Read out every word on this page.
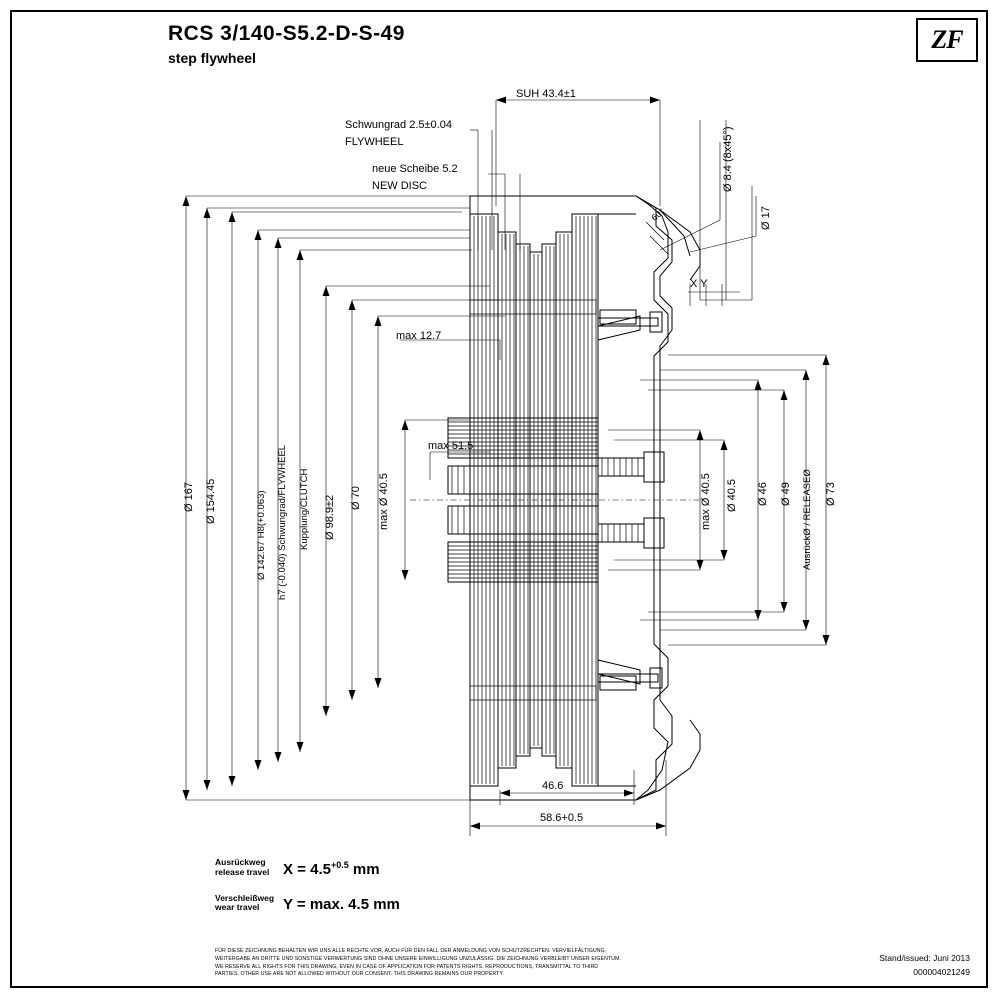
RCS 3/140-S5.2-D-S-49
step flywheel
ZF
SUH 43.4±1
Schwungrad 2.5±0.04
FLYWHEEL
neue Scheibe 5.2
NEW DISC	Ø 8.4 (8x45°)
Ø 17
60°
X Y
max 12.7
max 51.5
max Ø 40.5	max Ø 40.5
Ø 167 Ø 154.45	Ø 142.67 H8(+0.063) h7 (-0.040) Schwungrad/FLYWHEEL Kupplung/CLUTCH Ø 98.9±2 Ø 70	Ø 40.5 Ø 46 Ø 49 AusrückØ / RELEASEØ Ø 73
46.6
58.6+0.5
Ausrückweg
release travel $X = 4.5^{+0.5}$ mm
Verschleißweg
wear travel	Y = max. 4.5 mm
FÜR DIESE ZEICHNUNG BEHALTEN WIR UNS ALLE RECHTE VOR, AUCH FÜR DEN FALL DER ANMELDUNG VON SCHUTZRECHTEN. VERVIELFÄLTIGUNG,
WEITERGABE AN DRITTE UND SONSTIGE VERWERTUNG SIND OHNE UNSERE EINWILLIGUNG UNZULÄSSIG. DIE ZEICHNUNG VERBLEIBT UNSER EIGENTUM.
WE RESERVE ALL RIGHTS FOR THIS DRAWING, EVEN IN CASE OF APPLICATION FOR PATENTS RIGHTS. REPRODUCTIONS, TRANSMITTAL TO THIRD
PARTIES, OTHER USE ARE NOT ALLOWED WITHOUT OUR CONSENT. THIS DRAWING REMAINS OUR PROPERTY.
Stand/issued: Juni 2013
000004021249
